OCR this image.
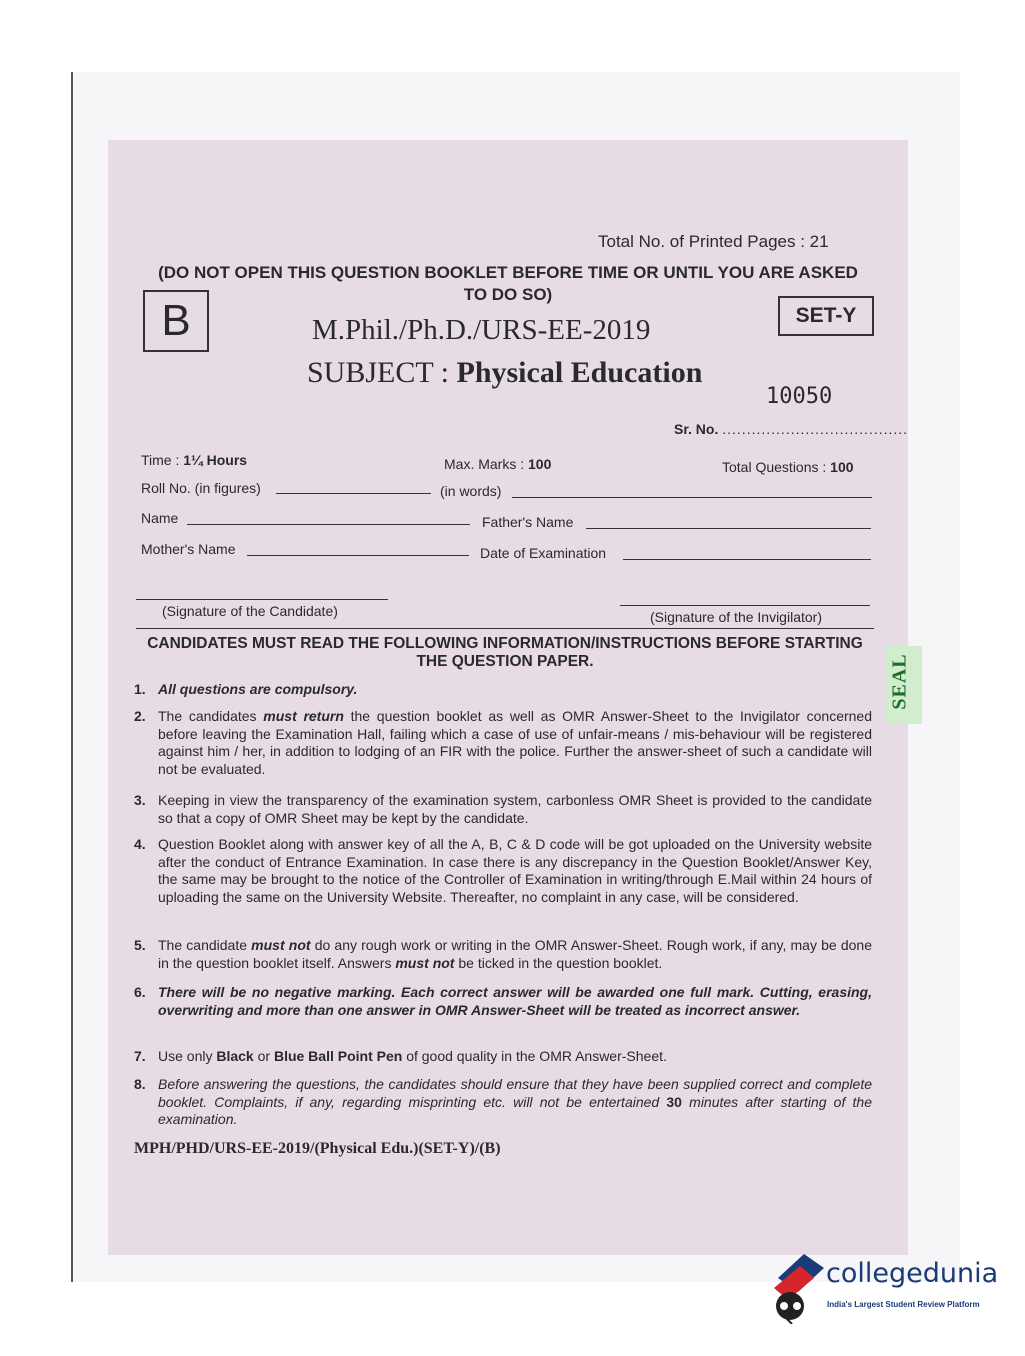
Total No. of Printed Pages : 21
(DO NOT OPEN THIS QUESTION BOOKLET BEFORE TIME OR UNTIL YOU ARE ASKED TO DO SO)
B	SET-Y
M.Phil./Ph.D./URS-EE-2019
SUBJECT : Physical Education
10050
Sr. No. ......................................
Time : 1¼ Hours	Max. Marks : 100	Total Questions : 100
Roll No. (in figures)	(in words)
Name	Father's Name
Mother's Name	Date of Examination
(Signature of the Candidate)	(Signature of the Invigilator)
CANDIDATES MUST READ THE FOLLOWING INFORMATION/INSTRUCTIONS BEFORE STARTING THE QUESTION PAPER.
1. All questions are compulsory.
2. The candidates must return the question booklet as well as OMR Answer-Sheet to the Invigilator concerned before leaving the Examination Hall, failing which a case of use of unfair-means / mis-behaviour will be registered against him / her, in addition to lodging of an FIR with the police. Further the answer-sheet of such a candidate will not be evaluated.
3. Keeping in view the transparency of the examination system, carbonless OMR Sheet is provided to the candidate so that a copy of OMR Sheet may be kept by the candidate.
4. Question Booklet along with answer key of all the A, B, C & D code will be got uploaded on the University website after the conduct of Entrance Examination. In case there is any discrepancy in the Question Booklet/Answer Key, the same may be brought to the notice of the Controller of Examination in writing/through E.Mail within 24 hours of uploading the same on the University Website. Thereafter, no complaint in any case, will be considered.
5. The candidate must not do any rough work or writing in the OMR Answer-Sheet. Rough work, if any, may be done in the question booklet itself. Answers must not be ticked in the question booklet.
6. There will be no negative marking. Each correct answer will be awarded one full mark. Cutting, erasing, overwriting and more than one answer in OMR Answer-Sheet will be treated as incorrect answer.
7. Use only Black or Blue Ball Point Pen of good quality in the OMR Answer-Sheet.
8. Before answering the questions, the candidates should ensure that they have been supplied correct and complete booklet. Complaints, if any, regarding misprinting etc. will not be entertained 30 minutes after starting of the examination.
SEAL
MPH/PHD/URS-EE-2019/(Physical Edu.)(SET-Y)/(B)
collegedunia
India's Largest Student Review Platform
